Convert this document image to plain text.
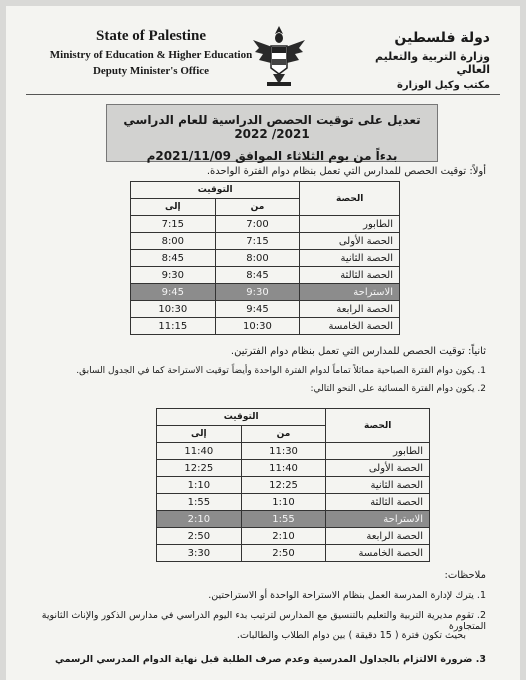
State of Palestine
Ministry of Education & Higher Education
Deputy Minister's Office
دولة فلسطين
وزارة التربية والتعليم العالي
مكتب وكيل الوزارة
تعديل على توقيت الحصص الدراسية للعام الدراسي 2021/ 2022
بدءاً من يوم الثلاثاء الموافق 2021/11/09م
أولاً: توقيت الحصص للمدارس التي تعمل بنظام دوام الفترة الواحدة.
التوقيت		الحصة
إلى	من	
7:15	7:00	الطابور
8:00	7:15	الحصة الأولى
8:45	8:00	الحصة الثانية
9:30	8:45	الحصة الثالثة
9:45	9:30	الاستراحة
10:30	9:45	الحصة الرابعة
11:15	10:30	الحصة الخامسة
ثانياً: توقيت الحصص للمدارس التي تعمل بنظام دوام الفترتين.
1. يكون دوام الفترة الصباحية مماثلاً تماماً لدوام الفترة الواحدة وأيضاً توقيت الاستراحة كما في الجدول السابق.
2. يكون دوام الفترة المسائية على النحو التالي:
التوقيت		الحصة
إلى	من	
11:40	11:30	الطابور
12:25	11:40	الحصة الأولى
1:10	12:25	الحصة الثانية
1:55	1:10	الحصة الثالثة
2:10	1:55	الاستراحة
2:50	2:10	الحصة الرابعة
3:30	2:50	الحصة الخامسة
ملاحظات:
1. يترك لإدارة المدرسة العمل بنظام الاستراحة الواحدة أو الاستراحتين.
2. تقوم مديرية التربية والتعليم بالتنسيق مع المدارس لترتيب بدء اليوم الدراسي في مدارس الذكور والإناث الثانوية المتجاورة
بحيث تكون فترة ( 15 دقيقة ) بين دوام الطلاب والطالبات.
3. ضرورة الالتزام بالجداول المدرسية وعدم صرف الطلبة قبل نهاية الدوام المدرسي الرسمي
